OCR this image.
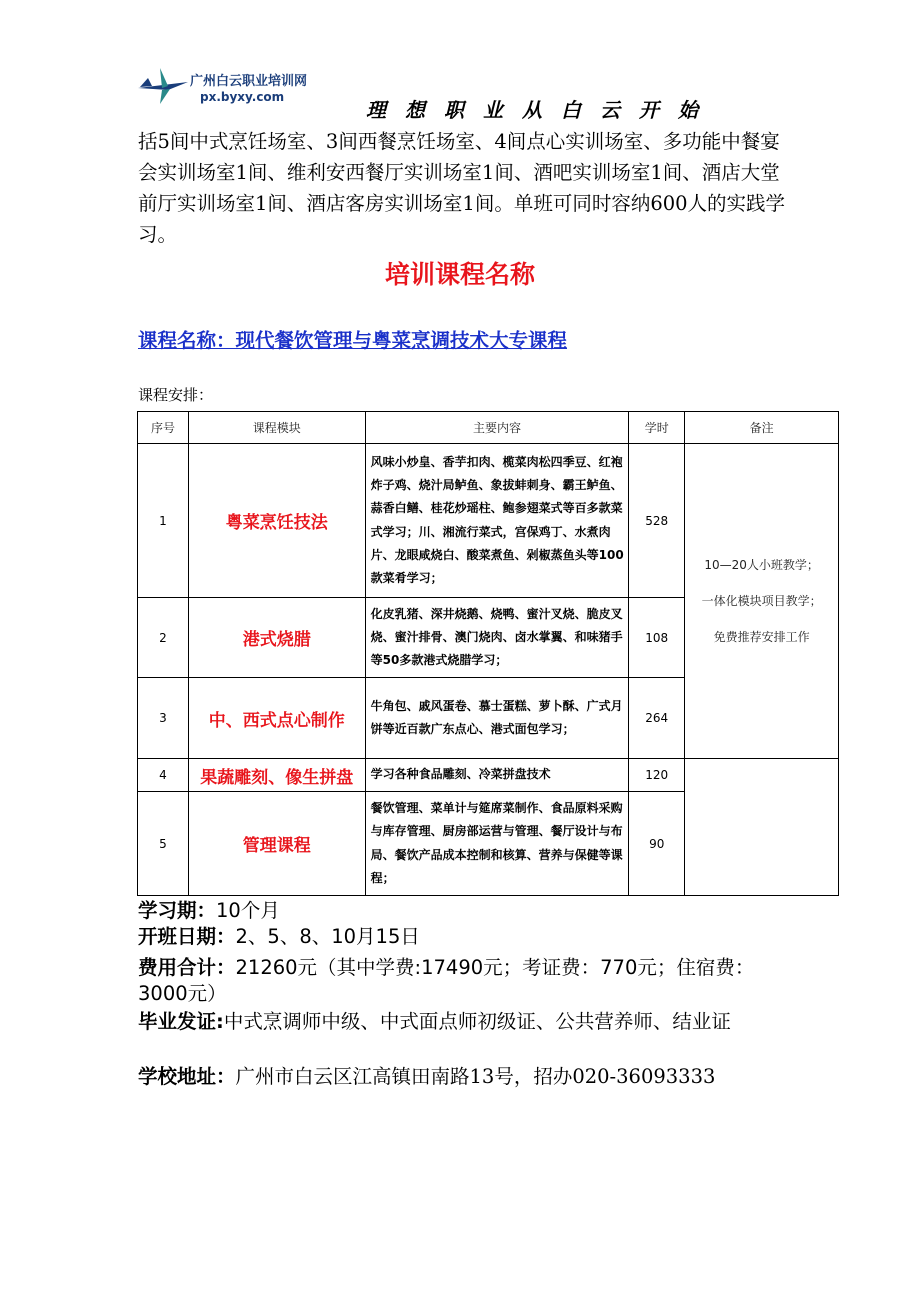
广州白云职业培训网
px.byxy.com
理想职业从白云开始
括5间中式烹饪场室、3间西餐烹饪场室、4间点心实训场室、多功能中餐宴会实训场室1间、维利安西餐厅实训场室1间、酒吧实训场室1间、酒店大堂前厅实训场室1间、酒店客房实训场室1间。单班可同时容纳600人的实践学习。
培训课程名称
课程名称：现代餐饮管理与粤菜烹调技术大专课程
课程安排：
序号	课程模块	主要内容	学时	备注
1	粤菜烹饪技法	风味小炒皇、香芋扣肉、榄菜肉松四季豆、红袍炸子鸡、烧汁局鲈鱼、象拔蚌刺身、霸王鲈鱼、蒜香白鳝、桂花炒瑶柱、鲍参翅菜式等百多款菜式学习；川、湘流行菜式，宫保鸡丁、水煮肉片、龙眼咸烧白、酸菜煮鱼、剁椒蒸鱼头等100款菜肴学习；	528	10—20人小班教学；
一体化模块项目教学；
免费推荐安排工作

2	港式烧腊	化皮乳猪、深井烧鹅、烧鸭、蜜汁叉烧、脆皮叉烧、蜜汁排骨、澳门烧肉、卤水掌翼、和味猪手等50多款港式烧腊学习；	108	
3	中、西式点心制作	牛角包、戚风蛋卷、慕士蛋糕、萝卜酥、广式月饼等近百款广东点心、港式面包学习；	264	
4	果蔬雕刻、像生拼盘	学习各种食品雕刻、冷菜拼盘技术	120	
5	管理课程	餐饮管理、菜单计与筵席菜制作、食品原料采购与库存管理、厨房部运营与管理、餐厅设计与布局、餐饮产品成本控制和核算、营养与保健等课程；	90	
学习期：10个月
开班日期：2、5、8、10月15日
费用合计：21260元（其中学费:17490元；考证费：770元；住宿费：3000元）
毕业发证:中式烹调师中级、中式面点师初级证、公共营养师、结业证
学校地址：广州市白云区江高镇田南路13号，招办020-36093333
